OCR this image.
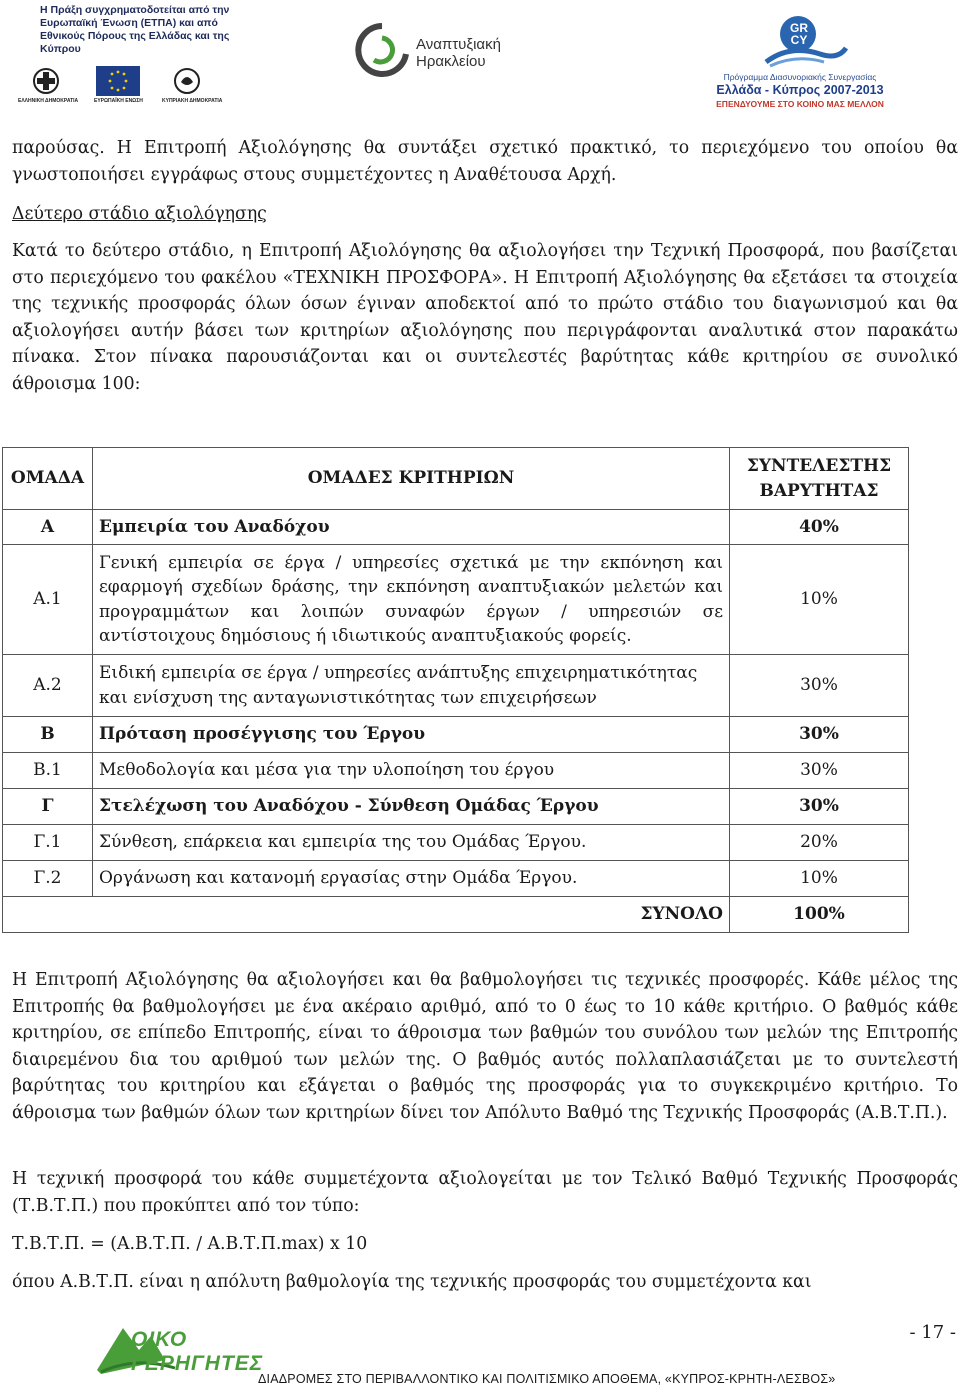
Η Πράξη συγχρηματοδοτείται από την Ευρωπαϊκή Ένωση (ΕΤΠΑ) και από Εθνικούς Πόρους της Ελλάδας και της Κύπρου
ΕΛΛΗΝΙΚΗ ΔΗΜΟΚΡΑΤΙΑ	ΕΥΡΩΠΑΪΚΗ ΕΝΩΣΗ	ΚΥΠΡΙΑΚΗ ΔΗΜΟΚΡΑΤΙΑ
Αναπτυξιακή Ηρακλείου
GR CY
Πρόγραμμα Διασυνοριακής Συνεργασίας
Ελλάδα - Κύπρος 2007-2013
ΕΠΕΝΔΥΟΥΜΕ ΣΤΟ ΚΟΙΝΟ ΜΑΣ ΜΕΛΛΟΝ

παρούσας. Η Επιτροπή Αξιολόγησης θα συντάξει σχετικό πρακτικό, το περιεχόμενο του οποίου θα γνωστοποιήσει εγγράφως στους συμμετέχοντες η Αναθέτουσα Αρχή.

Δεύτερο στάδιο αξιολόγησης

Κατά το δεύτερο στάδιο, η Επιτροπή Αξιολόγησης θα αξιολογήσει την Τεχνική Προσφορά, που βασίζεται στο περιεχόμενο του φακέλου «ΤΕΧΝΙΚΗ ΠΡΟΣΦΟΡΑ». Η Επιτροπή Αξιολόγησης θα εξετάσει τα στοιχεία της τεχνικής προσφοράς όλων όσων έγιναν αποδεκτοί από το πρώτο στάδιο του διαγωνισμού και θα αξιολογήσει αυτήν βάσει των κριτηρίων αξιολόγησης που περιγράφονται αναλυτικά στον παρακάτω πίνακα. Στον πίνακα παρουσιάζονται και οι συντελεστές βαρύτητας κάθε κριτηρίου σε συνολικό άθροισμα 100:

ΟΜΑΔΑ	ΟΜΑΔΕΣ ΚΡΙΤΗΡΙΩΝ	ΣΥΝΤΕΛΕΣΤΗΣ ΒΑΡΥΤΗΤΑΣ
Α	Εμπειρία του Αναδόχου	40%
Α.1	Γενική εμπειρία σε έργα / υπηρεσίες σχετικά με την εκπόνηση και εφαρμογή σχεδίων δράσης, την εκπόνηση αναπτυξιακών μελετών και προγραμμάτων και λοιπών συναφών έργων / υπηρεσιών σε αντίστοιχους δημόσιους ή ιδιωτικούς αναπτυξιακούς φορείς.	10%
Α.2	Ειδική εμπειρία σε έργα / υπηρεσίες ανάπτυξης επιχειρηματικότητας και ενίσχυση της ανταγωνιστικότητας των επιχειρήσεων	30%
Β	Πρόταση προσέγγισης του Έργου	30%
Β.1	Μεθοδολογία και μέσα για την υλοποίηση του έργου	30%
Γ	Στελέχωση του Αναδόχου - Σύνθεση Ομάδας Έργου	30%
Γ.1	Σύνθεση, επάρκεια και εμπειρία της του Ομάδας Έργου.	20%
Γ.2	Οργάνωση και κατανομή εργασίας στην Ομάδα Έργου.	10%
ΣΥΝΟΛΟ		100%

Η Επιτροπή Αξιολόγησης θα αξιολογήσει και θα βαθμολογήσει τις τεχνικές προσφορές. Κάθε μέλος της Επιτροπής θα βαθμολογήσει με ένα ακέραιο αριθμό, από το 0 έως το 10 κάθε κριτήριο. Ο βαθμός κάθε κριτηρίου, σε επίπεδο Επιτροπής, είναι το άθροισμα των βαθμών του συνόλου των μελών της Επιτροπής διαιρεμένου δια του αριθμού των μελών της. Ο βαθμός αυτός πολλαπλασιάζεται με το συντελεστή βαρύτητας του κριτηρίου και εξάγεται ο βαθμός της προσφοράς για το συγκεκριμένο κριτήριο. Το άθροισμα των βαθμών όλων των κριτηρίων δίνει τον Απόλυτο Βαθμό της Τεχνικής Προσφοράς (Α.Β.Τ.Π.).

Η τεχνική προσφορά του κάθε συμμετέχοντα αξιολογείται με τον Τελικό Βαθμό Τεχνικής Προσφοράς (Τ.Β.Τ.Π.) που προκύπτει από τον τύπο:

Τ.Β.Τ.Π. = (Α.Β.Τ.Π. / Α.Β.Τ.Π.max) x 10

όπου Α.Β.Τ.Π. είναι η απόλυτη βαθμολογία της τεχνικής προσφοράς του συμμετέχοντα και

ΟΙΚΟ ΓΕΡΗΓΗΤΕΣ
- 17 -
ΔΙΑΔΡΟΜΕΣ ΣΤΟ ΠΕΡΙΒΑΛΛΟΝΤΙΚΟ ΚΑΙ ΠΟΛΙΤΙΣΜΙΚΟ ΑΠΟΘΕΜΑ, «ΚΥΠΡΟΣ-ΚΡΗΤΗ-ΛΕΣΒΟΣ»
